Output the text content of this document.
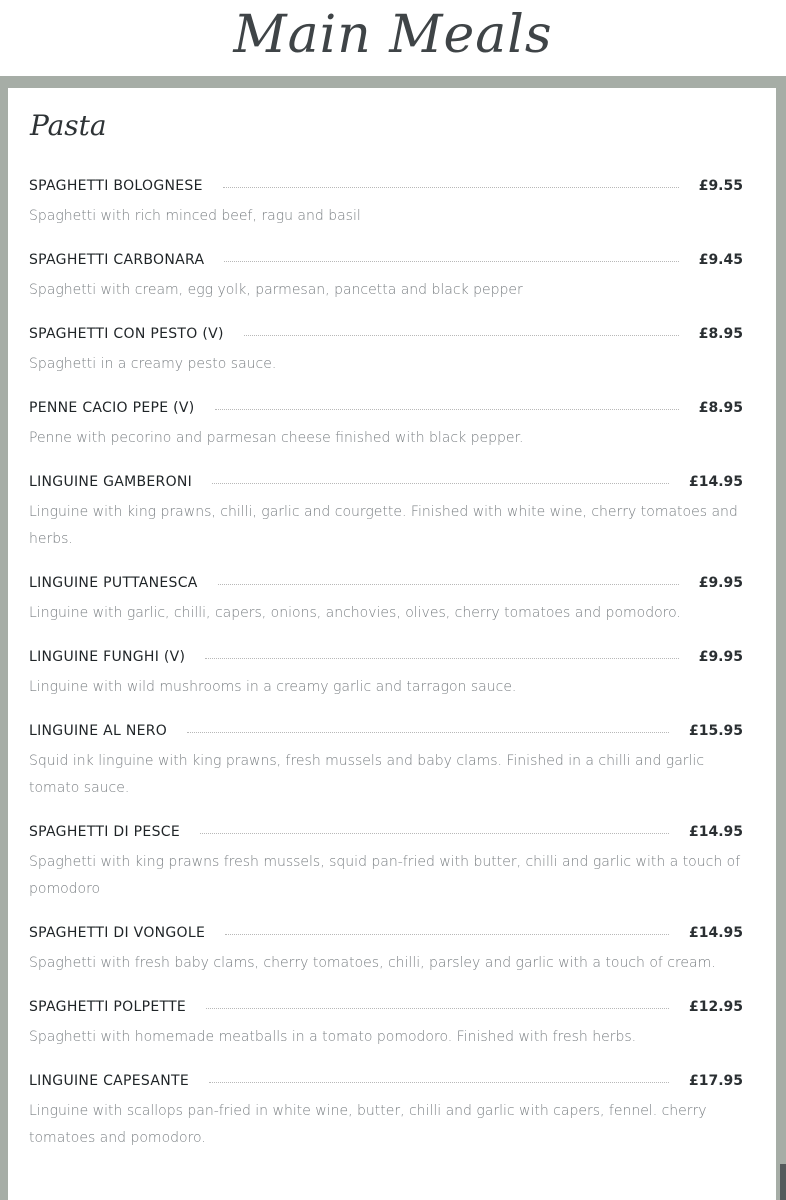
Main Meals
Pasta
SPAGHETTI BOLOGNESE	£9.55
Spaghetti with rich minced beef, ragu and basil
SPAGHETTI CARBONARA	£9.45
Spaghetti with cream, egg yolk, parmesan, pancetta and black pepper
SPAGHETTI CON PESTO (V)	£8.95
Spaghetti in a creamy pesto sauce.
PENNE CACIO PEPE (V)	£8.95
Penne with pecorino and parmesan cheese finished with black pepper.
LINGUINE GAMBERONI	£14.95
Linguine with king prawns, chilli, garlic and courgette. Finished with white wine, cherry tomatoes and herbs.
LINGUINE PUTTANESCA	£9.95
Linguine with garlic, chilli, capers, onions, anchovies, olives, cherry tomatoes and pomodoro.
LINGUINE FUNGHI (V)	£9.95
Linguine with wild mushrooms in a creamy garlic and tarragon sauce.
LINGUINE AL NERO	£15.95
Squid ink linguine with king prawns, fresh mussels and baby clams. Finished in a chilli and garlic tomato sauce.
SPAGHETTI DI PESCE	£14.95
Spaghetti with king prawns fresh mussels, squid pan-fried with butter, chilli and garlic with a touch of pomodoro
SPAGHETTI DI VONGOLE	£14.95
Spaghetti with fresh baby clams, cherry tomatoes, chilli, parsley and garlic with a touch of cream.
SPAGHETTI POLPETTE	£12.95
Spaghetti with homemade meatballs in a tomato pomodoro. Finished with fresh herbs.
LINGUINE CAPESANTE	£17.95
Linguine with scallops pan-fried in white wine, butter, chilli and garlic with capers, fennel. cherry tomatoes and pomodoro.
